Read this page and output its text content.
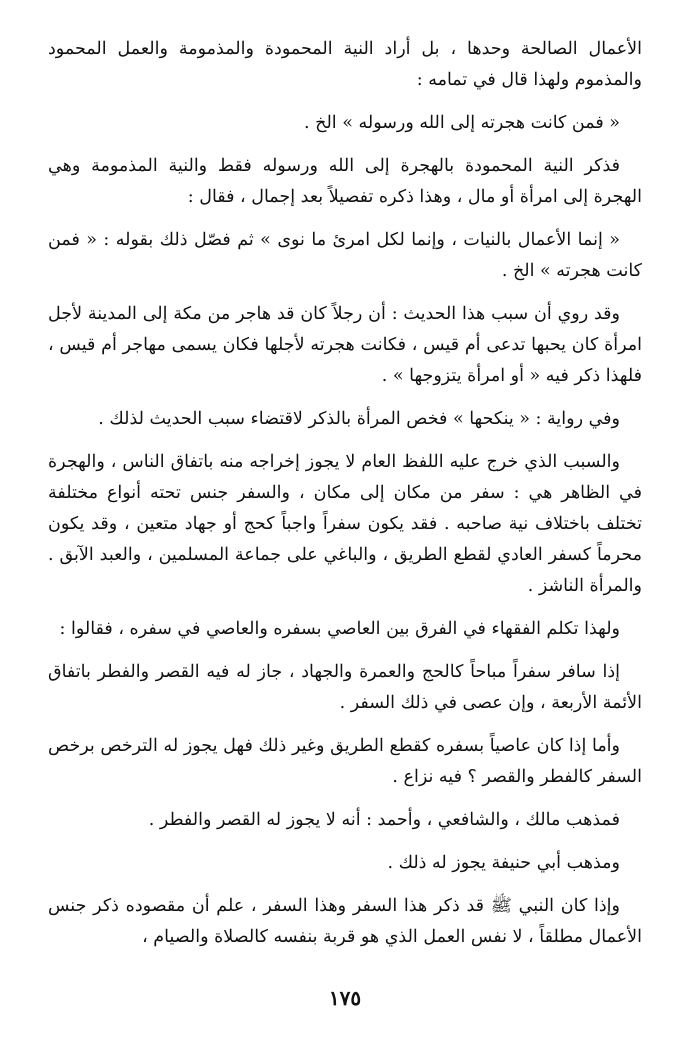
الأعمال الصالحة وحدها ، بل أراد النية المحمودة والمذمومة والعمل المحمود والمذموم ولهذا قال في تمامه :

« فمن كانت هجرته إلى الله ورسوله » الخ .

فذكر النية المحمودة بالهجرة إلى الله ورسوله فقط والنية المذمومة وهي الهجرة إلى امرأة أو مال ، وهذا ذكره تفصيلاً بعد إجمال ، فقال :

« إنما الأعمال بالنيات ، وإنما لكل امرئ ما نوى » ثم فصّل ذلك بقوله : « فمن كانت هجرته » الخ .

وقد روي أن سبب هذا الحديث : أن رجلاً كان قد هاجر من مكة إلى المدينة لأجل امرأة كان يحبها تدعى أم قيس ، فكانت هجرته لأجلها فكان يسمى مهاجر أم قيس ، فلهذا ذكر فيه « أو امرأة يتزوجها » .

وفي رواية : « ينكحها » فخص المرأة بالذكر لاقتضاء سبب الحديث لذلك .

والسبب الذي خرج عليه اللفظ العام لا يجوز إخراجه منه باتفاق الناس ، والهجرة في الظاهر هي : سفر من مكان إلى مكان ، والسفر جنس تحته أنواع مختلفة تختلف باختلاف نية صاحبه . فقد يكون سفراً واجباً كحج أو جهاد متعين ، وقد يكون محرماً كسفر العادي لقطع الطريق ، والباغي على جماعة المسلمين ، والعبد الآبق . والمرأة الناشز .

ولهذا تكلم الفقهاء في الفرق بين العاصي بسفره والعاصي في سفره ، فقالوا :

إذا سافر سفراً مباحاً كالحج والعمرة والجهاد ، جاز له فيه القصر والفطر باتفاق الأئمة الأربعة ، وإن عصى في ذلك السفر .

وأما إذا كان عاصياً بسفره كقطع الطريق وغير ذلك فهل يجوز له الترخص برخص السفر كالفطر والقصر ؟ فيه نزاع .

فمذهب مالك ، والشافعي ، وأحمد : أنه لا يجوز له القصر والفطر .

ومذهب أبي حنيفة يجوز له ذلك .

وإذا كان النبي ﷺ قد ذكر هذا السفر وهذا السفر ، علم أن مقصوده ذكر جنس الأعمال مطلقاً ، لا نفس العمل الذي هو قربة بنفسه كالصلاة والصيام ،

١٧٥
